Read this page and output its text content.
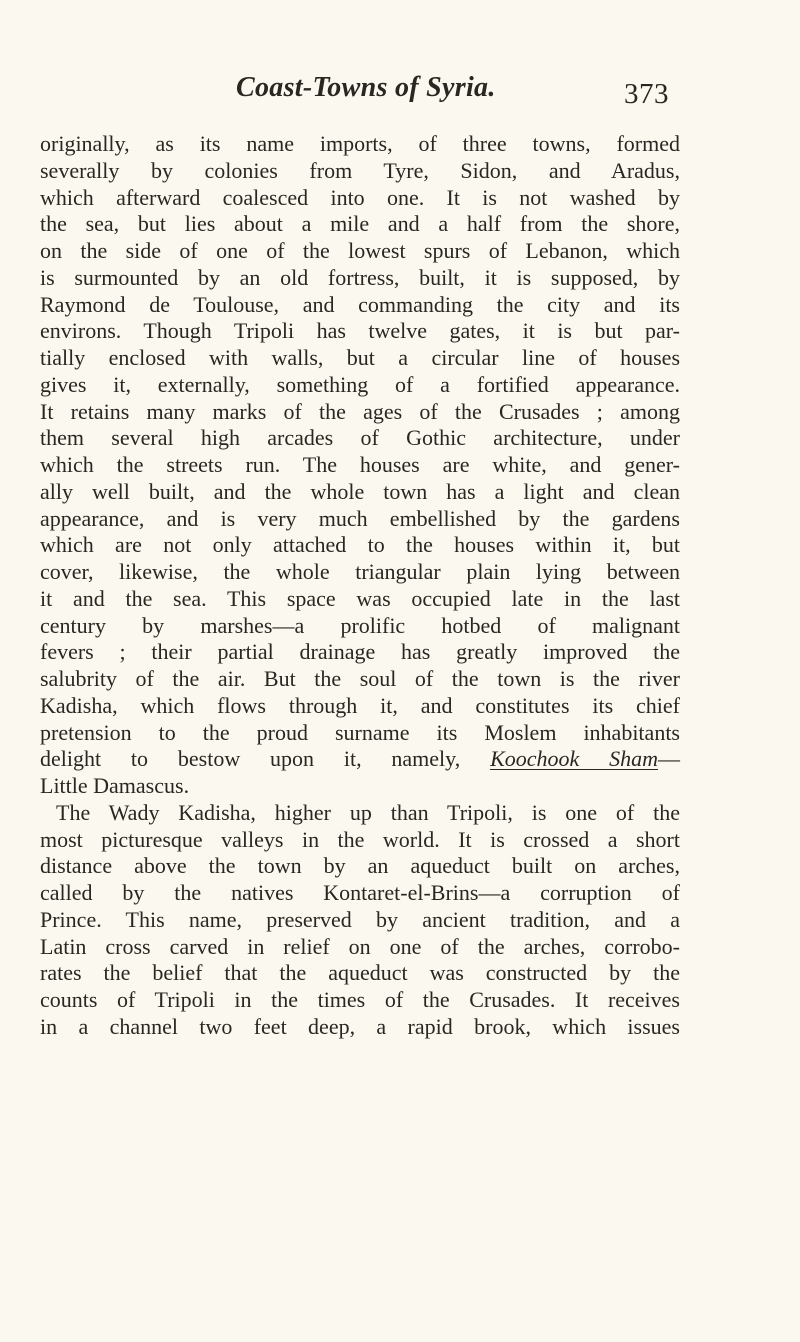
Coast-Towns of Syria.	373
originally, as its name imports, of three towns, formed
severally by colonies from Tyre, Sidon, and Aradus,
which afterward coalesced into one. It is not washed by
the sea, but lies about a mile and a half from the shore,
on the side of one of the lowest spurs of Lebanon, which
is surmounted by an old fortress, built, it is supposed, by
Raymond de Toulouse, and commanding the city and its
environs. Though Tripoli has twelve gates, it is but par-
tially enclosed with walls, but a circular line of houses
gives it, externally, something of a fortified appearance.
It retains many marks of the ages of the Crusades ; among
them several high arcades of Gothic architecture, under
which the streets run. The houses are white, and gener-
ally well built, and the whole town has a light and clean
appearance, and is very much embellished by the gardens
which are not only attached to the houses within it, but
cover, likewise, the whole triangular plain lying between
it and the sea. This space was occupied late in the last
century by marshes—a prolific hotbed of malignant
fevers ; their partial drainage has greatly improved the
salubrity of the air. But the soul of the town is the river
Kadisha, which flows through it, and constitutes its chief
pretension to the proud surname its Moslem inhabitants
delight to bestow upon it, namely, Koochook Sham—
Little Damascus.
The Wady Kadisha, higher up than Tripoli, is one of the
most picturesque valleys in the world. It is crossed a short
distance above the town by an aqueduct built on arches,
called by the natives Kontaret-el-Brins—a corruption of
Prince. This name, preserved by ancient tradition, and a
Latin cross carved in relief on one of the arches, corrobo-
rates the belief that the aqueduct was constructed by the
counts of Tripoli in the times of the Crusades. It receives
in a channel two feet deep, a rapid brook, which issues
